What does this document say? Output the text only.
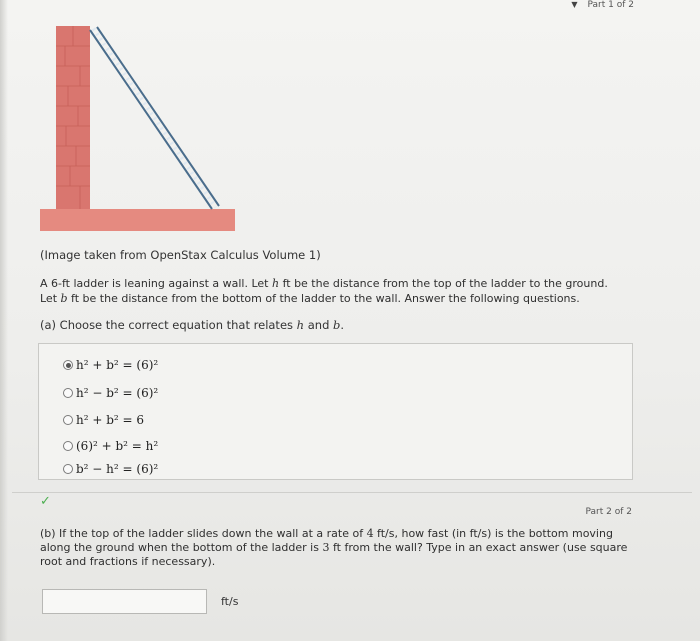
▼ Part 1 of 2
(Image taken from OpenStax Calculus Volume 1)
A 6-ft ladder is leaning against a wall. Let h ft be the distance from the top of the ladder to the ground.
Let b ft be the distance from the bottom of the ladder to the wall. Answer the following questions.
(a) Choose the correct equation that relates h and b.
h² + b² = (6)²
h² − b² = (6)²
h² + b² = 6
(6)² + b² = h²
b² − h² = (6)²
✓
Part 2 of 2
(b) If the top of the ladder slides down the wall at a rate of 4 ft/s, how fast (in ft/s) is the bottom moving along the ground when the bottom of the ladder is 3 ft from the wall? Type in an exact answer (use square root and fractions if necessary).
ft/s
